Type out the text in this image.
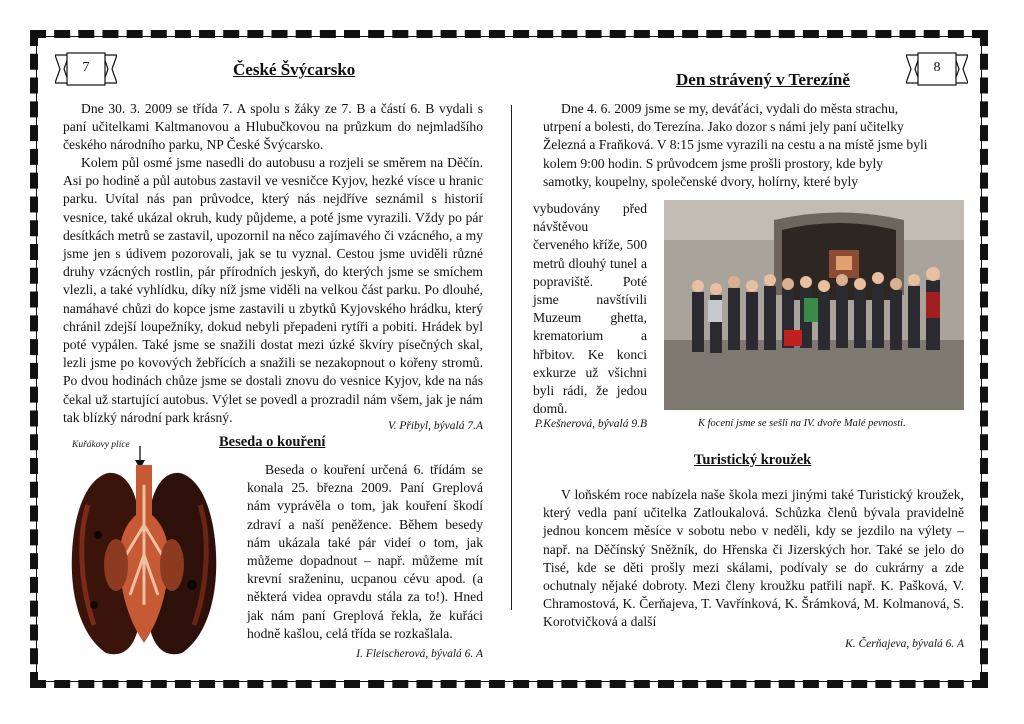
7	České Švýcarsko
Dne 30. 3. 2009 se třída 7. A spolu s žáky ze 7. B a částí 6. B vydali s paní učitelkami Kaltmanovou a Hlubučkovou na průzkum do nejmladšího českého národního parku, NP České Švýcarsko.
Kolem půl osmé jsme nasedli do autobusu a rozjeli se směrem na Děčín. Asi po hodině a půl autobus zastavil ve vesničce Kyjov, hezké vísce u hranic parku. Uvítal nás pan průvodce, který nás nejdříve seznámil s historií vesnice, také ukázal okruh, kudy půjdeme, a poté jsme vyrazili. Vždy po pár desítkách metrů se zastavil, upozornil na něco zajímavého či vzácného, a my jsme jen s údivem pozorovali, jak se tu vyznal. Cestou jsme uviděli různé druhy vzácných rostlin, pár přírodních jeskyň, do kterých jsme se smíchem vlezli, a také vyhlídku, díky níž jsme viděli na velkou část parku. Po dlouhé, namáhavé chůzi do kopce jsme zastavili u zbytků Kyjovského hrádku, který chránil zdejší loupežníky, dokud nebyli přepadeni rytíři a pobiti. Hrádek byl poté vypálen. Také jsme se snažili dostat mezi úzké škvíry písečných skal, lezli jsme po kovových žebřících a snažili se nezakopnout o kořeny stromů. Po dvou hodinách chůze jsme se dostali znovu do vesnice Kyjov, kde na nás čekal už startující autobus. Výlet se povedl a prozradil nám všem, jak je nám tak blízký národní park krásný.
V. Přibyl, bývalá 7.A
Kuřákovy plíce	Beseda o kouření
Beseda o kouření určená 6. třídám se konala 25. března 2009. Paní Greplová nám vyprávěla o tom, jak kouření škodí zdraví a naší peněžence. Během besedy nám ukázala také pár videí o tom, jak můžeme dopadnout – např. můžeme mít krevní sraženinu, ucpanou cévu apod. (a některá videa opravdu stála za to!). Hned jak nám paní Greplová řekla, že kuřáci hodně kašlou, celá třída se rozkašlala.
I. Fleischerová, bývalá 6. A
8
Den strávený v Terezíně
Dne 4. 6. 2009 jsme se my, deváťáci, vydali do města strachu,
utrpení a bolesti, do Terezína. Jako dozor s námi jely paní učitelky
Železná a Fraňková. V 8:15 jsme vyrazili na cestu a na místě jsme byli
kolem 9:00 hodin. S průvodcem jsme prošli prostory, kde byly
samotky, koupelny, společenské dvory, holírny, které byly
vybudovány před návštěvou červeného kříže, 500 metrů dlouhý tunel a popraviště. Poté jsme navštívili Muzeum ghetta, krematorium a hřbitov. Ke konci exkurze už všichni byli rádi, že jedou domů.
P.Kešnerová, bývalá 9.B	K focení jsme se sešli na IV. dvoře Malé pevnosti.
Turistický kroužek
V loňském roce nabízela naše škola mezi jinými také Turistický kroužek, který vedla paní učitelka Zatloukalová. Schůzka členů bývala pravidelně jednou koncem měsíce v sobotu nebo v neděli, kdy se jezdilo na výlety – např. na Děčínský Sněžník, do Hřenska či Jizerských hor. Také se jelo do Tisé, kde se děti prošly mezi skálami, podívaly se do cukrárny a zde ochutnaly nějaké dobroty. Mezi členy kroužku patřili např. K. Pašková, V. Chramostová, K. Čerňajeva, T. Vavřínková, K. Šrámková, M. Kolmanová, S. Korotvičková a další
K. Čerňajeva, bývalá 6. A
